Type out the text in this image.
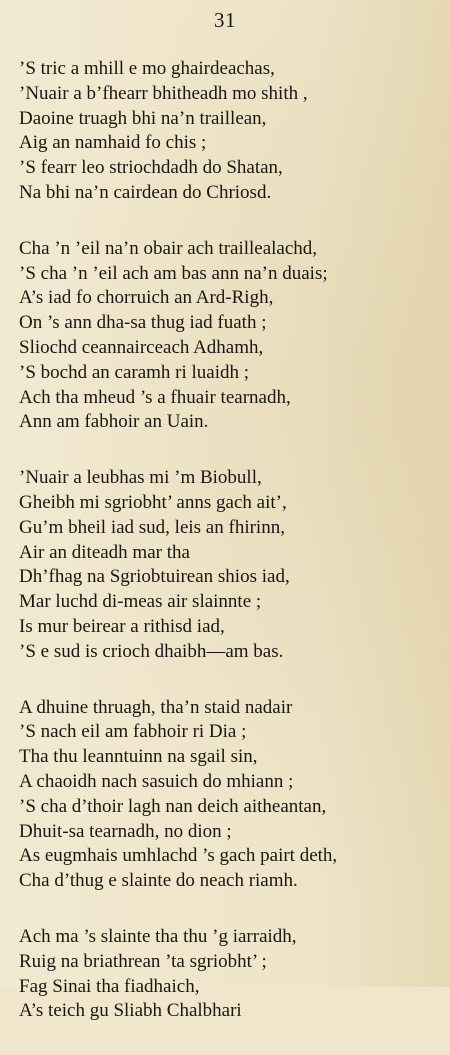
31
’S tric a mhill e mo ghairdeachas,
’Nuair a b’fhearr bhitheadh mo shith ,
Daoine truagh bhi na’n traillean,
Aig an namhaid fo chis ;
’S fearr leo striochdadh do Shatan,
Na bhi na’n cairdean do Chriosd.
Cha ’n ’eil na’n obair ach traillealachd,
’S cha ’n ’eil ach am bas ann na’n duais;
A’s iad fo chorruich an Ard-Righ,
On ’s ann dha-sa thug iad fuath ;
Sliochd ceannairceach Adhamh,
’S bochd an caramh ri luaidh ;
Ach tha mheud ’s a fhuair tearnadh,
Ann am fabhoir an Uain.
’Nuair a leubhas mi ’m Biobull,
Gheibh mi sgriobht’ anns gach ait’,
Gu’m bheil iad sud, leis an fhirinn,
Air an diteadh mar tha
Dh’fhag na Sgriobtuirean shios iad,
Mar luchd di-meas air slainnte ;
Is mur beirear a rithisd iad,
’S e sud is crioch dhaibh—am bas.
A dhuine thruagh, tha’n staid nadair
’S nach eil am fabhoir ri Dia ;
Tha thu leanntuinn na sgail sin,
A chaoidh nach sasuich do mhiann ;
’S cha d’thoir lagh nan deich aitheantan,
Dhuit-sa tearnadh, no dion ;
As eugmhais umhlachd ’s gach pairt deth,
Cha d’thug e slainte do neach riamh.
Ach ma ’s slainte tha thu ’g iarraidh,
Ruig na briathrean ’ta sgriobht’ ;
Fag Sinai tha fiadhaich,
A’s teich gu Sliabh Chalbhari
